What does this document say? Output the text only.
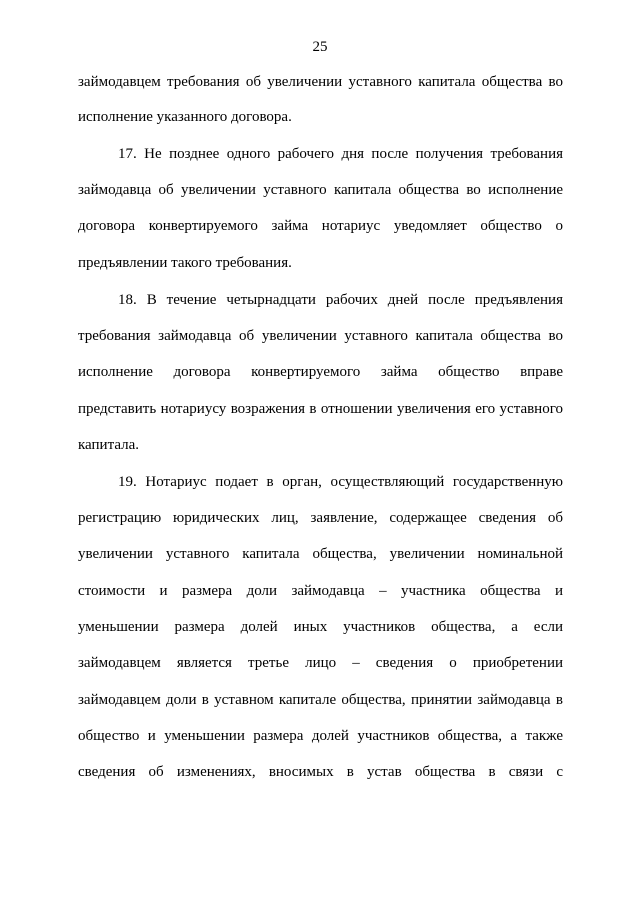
25
займодавцем требования об увеличении уставного капитала общества во
исполнение указанного договора.
17. Не позднее одного рабочего дня после получения требования
займодавца об увеличении уставного капитала общества во исполнение
договора конвертируемого займа нотариус уведомляет общество о
предъявлении такого требования.
18. В течение четырнадцати рабочих дней после предъявления
требования займодавца об увеличении уставного капитала общества во
исполнение договора конвертируемого займа общество вправе
представить нотариусу возражения в отношении увеличения его уставного
капитала.
19. Нотариус подает в орган, осуществляющий государственную
регистрацию юридических лиц, заявление, содержащее сведения об
увеличении уставного капитала общества, увеличении номинальной
стоимости и размера доли займодавца – участника общества и
уменьшении размера долей иных участников общества, а если
займодавцем является третье лицо – сведения о приобретении
займодавцем доли в уставном капитале общества, принятии займодавца в
общество и уменьшении размера долей участников общества, а также
сведения об изменениях, вносимых в устав общества в связи с
